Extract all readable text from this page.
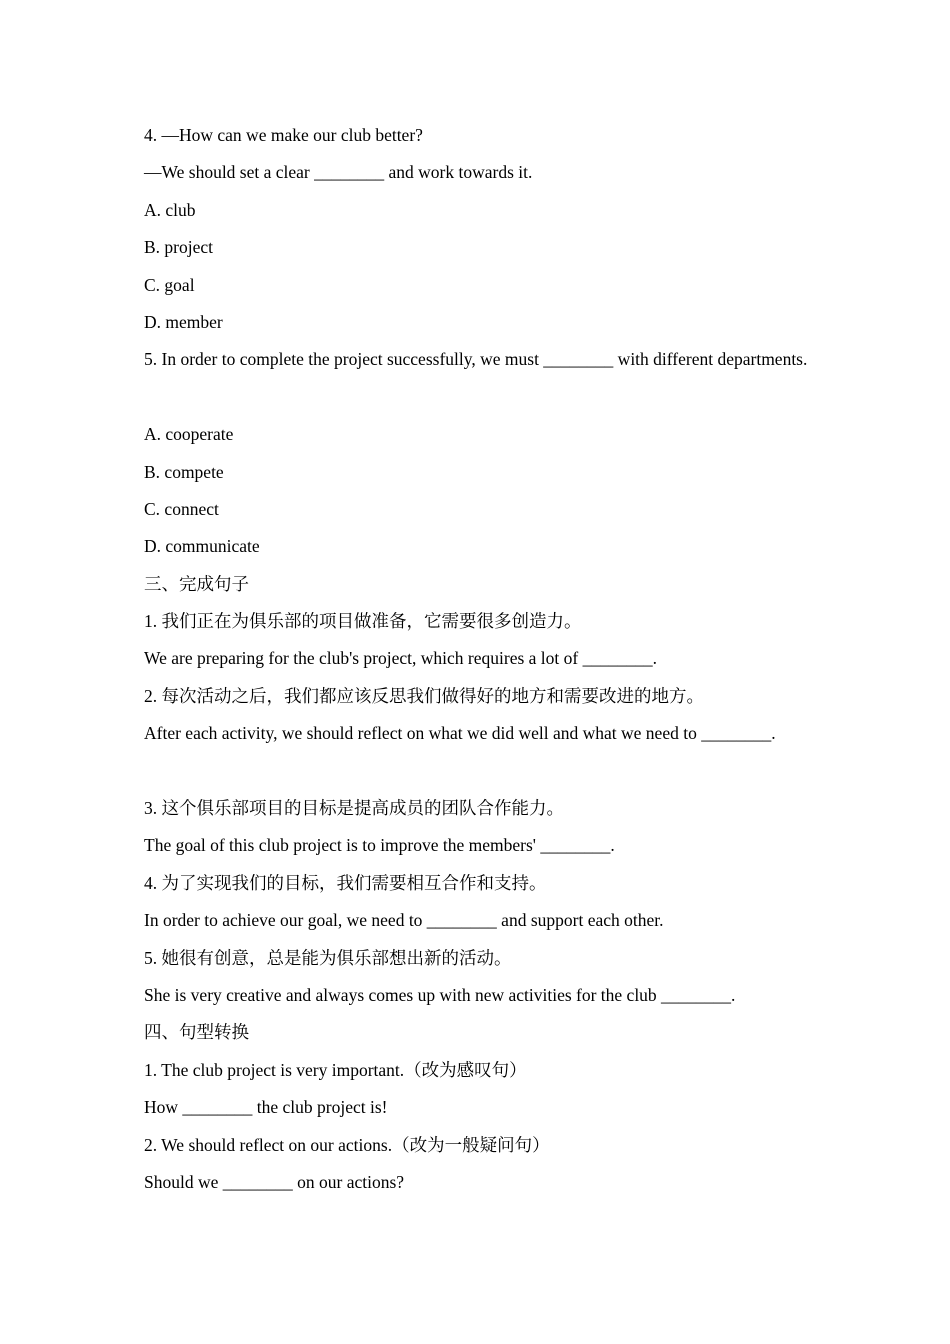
4. —How can we make our club better?
—We should set a clear ________ and work towards it.
A. club
B. project
C. goal
D. member
5. In order to complete the project successfully, we must ________ with different departments.
A. cooperate
B. compete
C. connect
D. communicate
三、完成句子
1. 我们正在为俱乐部的项目做准备，它需要很多创造力。
We are preparing for the club's project, which requires a lot of ________.
2. 每次活动之后，我们都应该反思我们做得好的地方和需要改进的地方。
After each activity, we should reflect on what we did well and what we need to ________.
3. 这个俱乐部项目的目标是提高成员的团队合作能力。
The goal of this club project is to improve the members' ________.
4. 为了实现我们的目标，我们需要相互合作和支持。
In order to achieve our goal, we need to ________ and support each other.
5. 她很有创意，总是能为俱乐部想出新的活动。
She is very creative and always comes up with new activities for the club ________.
四、句型转换
1. The club project is very important.（改为感叹句）
How ________ the club project is!
2. We should reflect on our actions.（改为一般疑问句）
Should we ________ on our actions?
